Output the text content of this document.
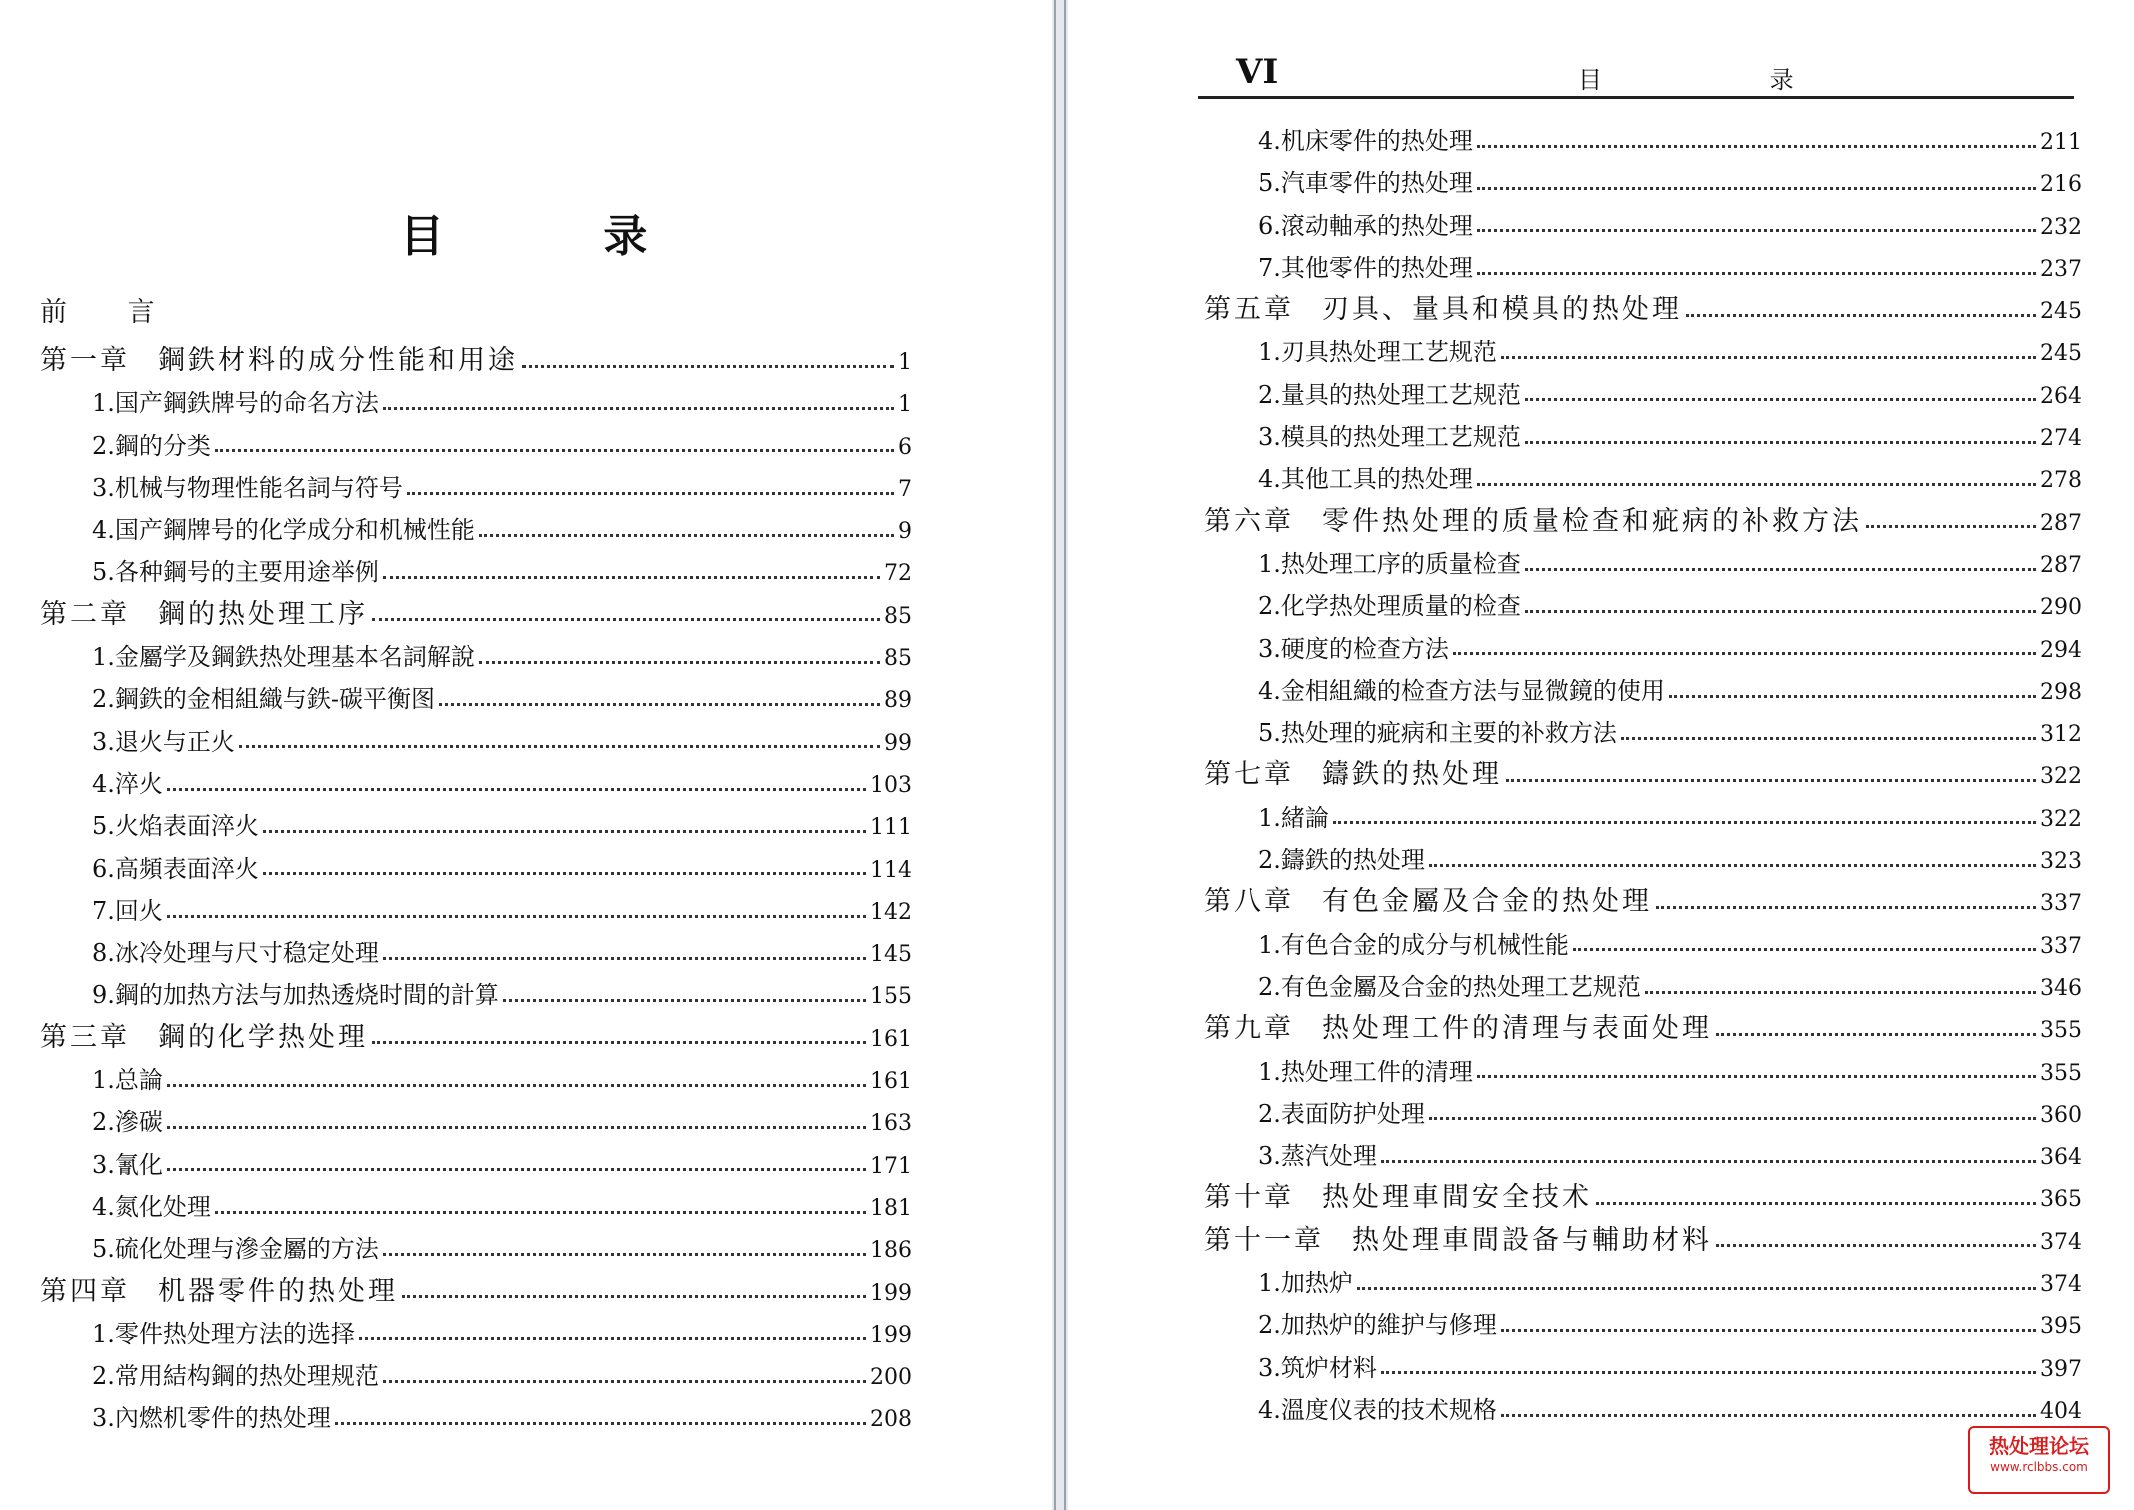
目 录
前 言
第一章 鋼鉄材料的成分性能和用途	1
1.国产鋼鉄牌号的命名方法	1
2.鋼的分类	6
3.机械与物理性能名詞与符号	7
4.国产鋼牌号的化学成分和机械性能	9
5.各种鋼号的主要用途举例	72
第二章 鋼的热处理工序	85
1.金屬学及鋼鉄热处理基本名詞解說	85
2.鋼鉄的金相組織与鉄-碳平衡图	89
3.退火与正火	99
4.淬火	103
5.火焰表面淬火	111
6.高頻表面淬火	114
7.回火	142
8.冰冷处理与尺寸稳定处理	145
9.鋼的加热方法与加热透烧时間的計算	155
第三章 鋼的化学热处理	161
1.总論	161
2.滲碳	163
3.氰化	171
4.氮化处理	181
5.硫化处理与滲金屬的方法	186
第四章 机器零件的热处理	199
1.零件热处理方法的选择	199
2.常用結构鋼的热处理规范	200
3.內燃机零件的热处理	208
VI	目 录
4.机床零件的热处理	211
5.汽車零件的热处理	216
6.滾动軸承的热处理	232
7.其他零件的热处理	237
第五章 刃具、量具和模具的热处理	245
1.刃具热处理工艺规范	245
2.量具的热处理工艺规范	264
3.模具的热处理工艺规范	274
4.其他工具的热处理	278
第六章 零件热处理的质量检查和疵病的补救方法	287
1.热处理工序的质量检查	287
2.化学热处理质量的检查	290
3.硬度的检查方法	294
4.金相組織的检查方法与显微鏡的使用	298
5.热处理的疵病和主要的补救方法	312
第七章 鑄鉄的热处理	322
1.緒論	322
2.鑄鉄的热处理	323
第八章 有色金屬及合金的热处理	337
1.有色合金的成分与机械性能	337
2.有色金屬及合金的热处理工艺规范	346
第九章 热处理工件的清理与表面处理	355
1.热处理工件的清理	355
2.表面防护处理	360
3.蒸汽处理	364
第十章 热处理車間安全技术	365
第十一章 热处理車間設备与輔助材料	374
1.加热炉	374
2.加热炉的維护与修理	395
3.筑炉材料	397
4.溫度仪表的技术规格	404
热处理论坛
www.rclbbs.com
